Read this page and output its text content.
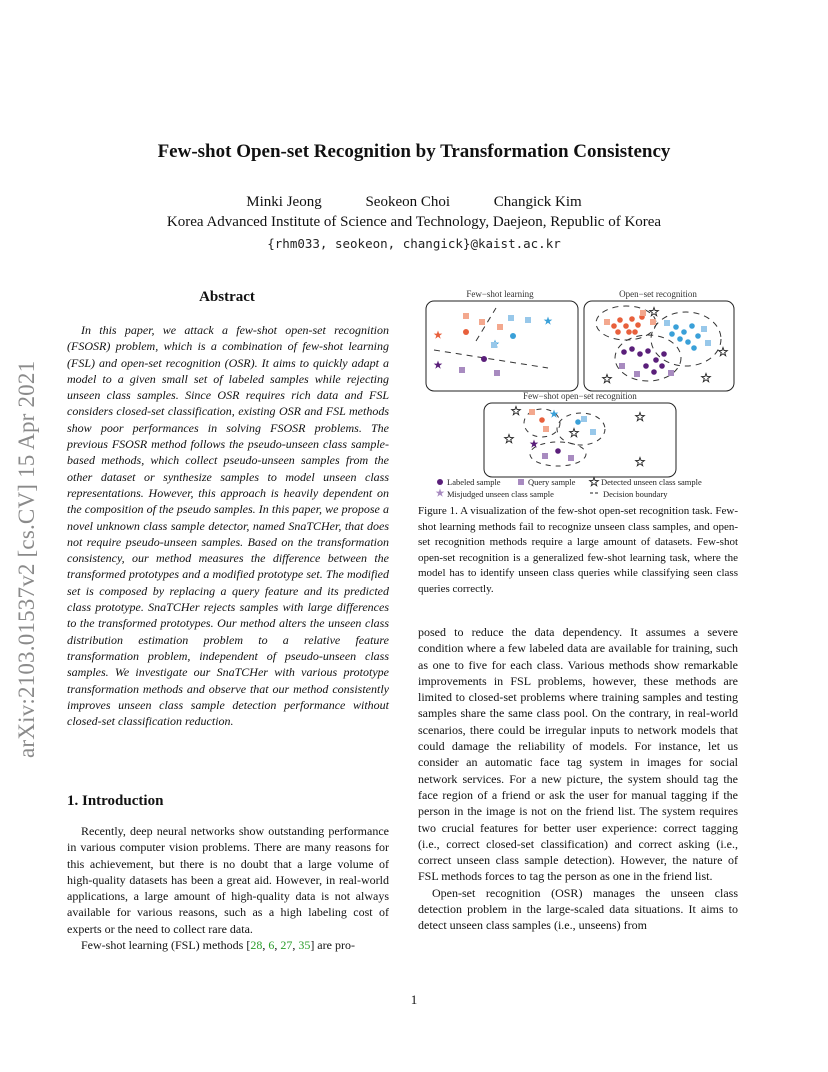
arXiv:2103.01537v2 [cs.CV] 15 Apr 2021
Few-shot Open-set Recognition by Transformation Consistency
Minki Jeong	Seokeon Choi	Changick Kim
Korea Advanced Institute of Science and Technology, Daejeon, Republic of Korea
{rhm033, seokeon, changick}@kaist.ac.kr
Abstract
In this paper, we attack a few-shot open-set recognition (FSOSR) problem, which is a combination of few-shot learning (FSL) and open-set recognition (OSR). It aims to quickly adapt a model to a given small set of labeled samples while rejecting unseen class samples. Since OSR requires rich data and FSL considers closed-set classification, existing OSR and FSL methods show poor performances in solving FSOSR problems. The previous FSOSR method follows the pseudo-unseen class sample-based methods, which collect pseudo-unseen samples from the other dataset or synthesize samples to model unseen class representations. However, this approach is heavily dependent on the composition of the pseudo samples. In this paper, we propose a novel unknown class sample detector, named SnaTCHer, that does not require pseudo-unseen samples. Based on the transformation consistency, our method measures the difference between the transformed prototypes and a modified prototype set. The modified set is composed by replacing a query feature and its predicted class prototype. SnaTCHer rejects samples with large differences to the transformed prototypes. Our method alters the unseen class distribution estimation problem to a relative feature transformation problem, independent of pseudo-unseen class samples. We investigate our SnaTCHer with various prototype transformation methods and observe that our method consistently improves unseen class sample detection performance without closed-set classification reduction.
1. Introduction

Recently, deep neural networks show outstanding performance in various computer vision problems. There are many reasons for this achievement, but there is no doubt that a large volume of high-quality datasets has been a great aid. However, in real-world applications, a large amount of high-quality data is not always available for various reasons, such as a high labeling cost of experts or the need to collect rare data.

Few-shot learning (FSL) methods [28, 6, 27, 35] are pro-

Few−shot learning	Open−set recognition
Few−shot open−set recognition
Labeled sample	Query sample	Detected unseen class sample
Misjudged unseen class sample	Decision boundary
Figure 1. A visualization of the few-shot open-set recognition task. Few-shot learning methods fail to recognize unseen class samples, and open-set recognition methods require a large amount of datasets. Few-shot open-set recognition is a generalized few-shot learning task, where the model has to identify unseen class queries while classifying seen class queries correctly.

posed to reduce the data dependency. It assumes a severe condition where a few labeled data are available for training, such as one to five for each class. Various methods show remarkable improvements in FSL problems, however, these methods are limited to closed-set problems where training samples and testing samples share the same class pool. On the contrary, in real-world scenarios, there could be irregular inputs to network models that could damage the reliability of models. For instance, let us consider an automatic face tag system in images for social network services. For a new picture, the system should tag the face region of a friend or ask the user for manual tagging if the person in the image is not on the friend list. The system requires two crucial features for better user experience: correct tagging (i.e., correct closed-set classification) and correct asking (i.e., correct unseen class sample detection). However, the nature of FSL methods forces to tag the person as one in the friend list.

Open-set recognition (OSR) manages the unseen class detection problem in the large-scaled data situations. It aims to detect unseen class samples (i.e., unseens) from

1
